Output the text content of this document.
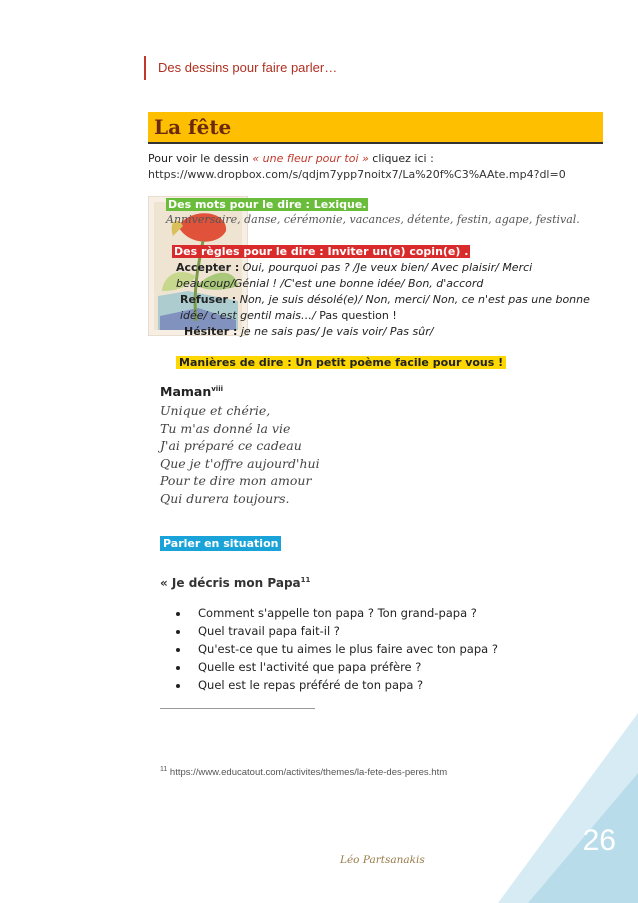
Des dessins pour faire parler…
La fête
Pour voir le dessin « une fleur pour toi » cliquez ici :
https://www.dropbox.com/s/qdjm7ypp7noitx7/La%20f%C3%AAte.mp4?dl=0
Des mots pour le dire : Lexique.
Anniversaire, danse, cérémonie, vacances, détente, festin, agape, festival.
Des règles pour le dire : Inviter un(e) copin(e) .
Accepter : Oui, pourquoi pas ? /Je veux bien/ Avec plaisir/ Merci beaucoup/Génial ! /C'est une bonne idée/ Bon, d'accord
Refuser : Non, je suis désolé(e)/ Non, merci/ Non, ce n'est pas une bonne idée/ c'est gentil mais…/ Pas question !
Hésiter : je ne sais pas/ Je vais voir/ Pas sûr/
Manières de dire : Un petit poème facile pour vous !
Maman$^{viii}$
Unique et chérie,
Tu m'as donné la vie
J'ai préparé ce cadeau
Que je t'offre aujourd'hui
Pour te dire mon amour
Qui durera toujours.
Parler en situation
« Je décris mon Papa$^{11}$
• Comment s'appelle ton papa ? Ton grand-papa ?
• Quel travail papa fait-il ?
• Qu'est-ce que tu aimes le plus faire avec ton papa ?
• Quelle est l'activité que papa préfère ?
• Quel est le repas préféré de ton papa ?
$^{11}$ https://www.educatout.com/activites/themes/la-fete-des-peres.htm
26
Léo Partsanakis
